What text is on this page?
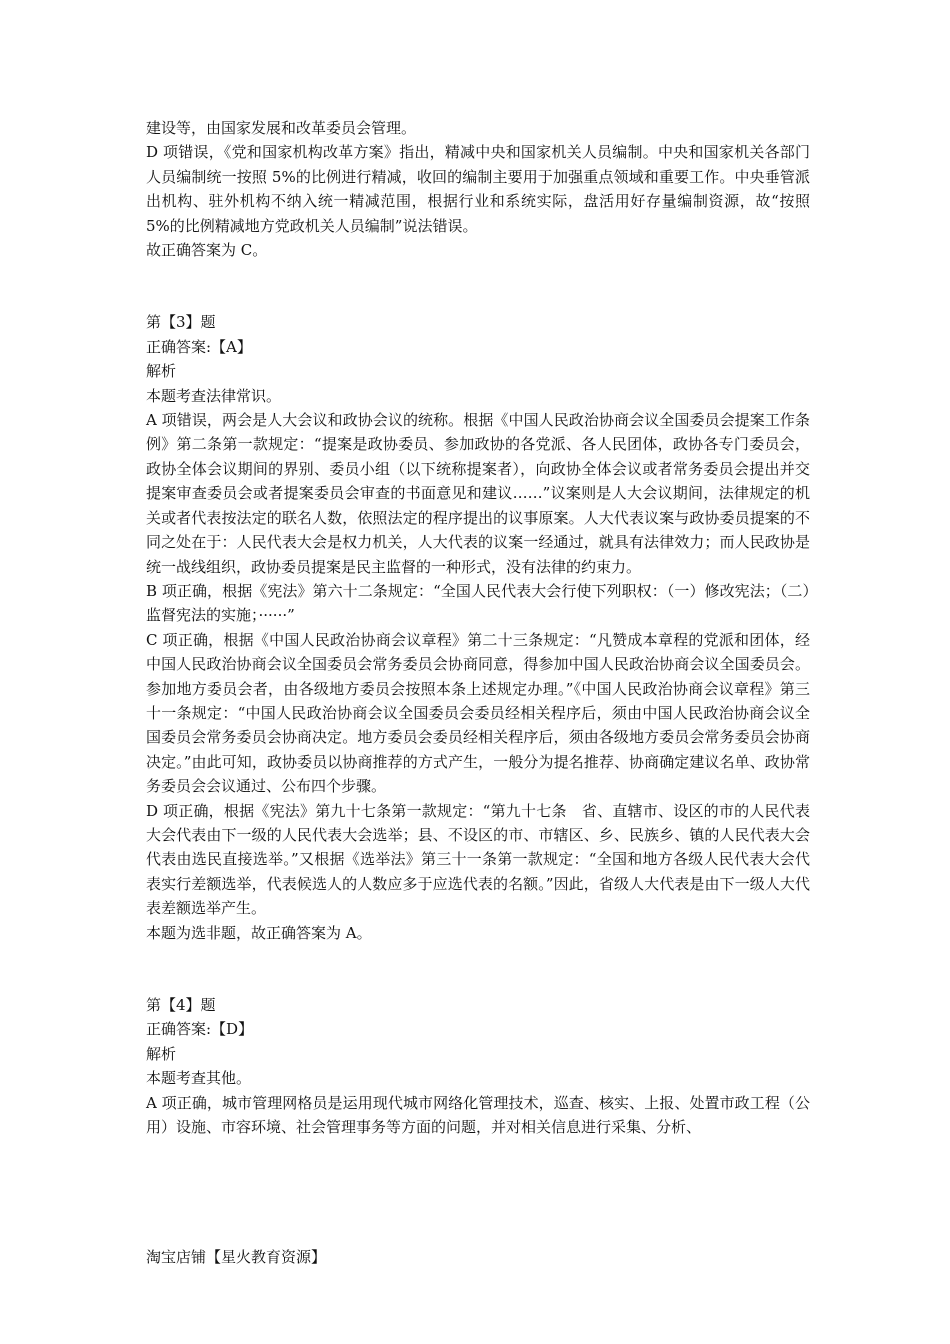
建设等，由国家发展和改革委员会管理。

D 项错误，《党和国家机构改革方案》指出，精减中央和国家机关人员编制。中央和国家机关各部门人员编制统一按照 5%的比例进行精减，收回的编制主要用于加强重点领域和重要工作。中央垂管派出机构、驻外机构不纳入统一精减范围，根据行业和系统实际，盘活用好存量编制资源，故“按照 5%的比例精减地方党政机关人员编制”说法错误。

故正确答案为 C。

第【3】题

正确答案:【A】

解析

本题考查法律常识。

A 项错误，两会是人大会议和政协会议的统称。根据《中国人民政治协商会议全国委员会提案工作条例》第二条第一款规定：“提案是政协委员、参加政协的各党派、各人民团体，政协各专门委员会，政协全体会议期间的界别、委员小组（以下统称提案者），向政协全体会议或者常务委员会提出并交提案审查委员会或者提案委员会审查的书面意见和建议……”议案则是人大会议期间，法律规定的机关或者代表按法定的联名人数，依照法定的程序提出的议事原案。人大代表议案与政协委员提案的不同之处在于：人民代表大会是权力机关，人大代表的议案一经通过，就具有法律效力；而人民政协是统一战线组织，政协委员提案是民主监督的一种形式，没有法律的约束力。

B 项正确，根据《宪法》第六十二条规定：“全国人民代表大会行使下列职权：（一）修改宪法；（二）监督宪法的实施；······”

C 项正确，根据《中国人民政治协商会议章程》第二十三条规定：“凡赞成本章程的党派和团体，经中国人民政治协商会议全国委员会常务委员会协商同意，得参加中国人民政治协商会议全国委员会。参加地方委员会者，由各级地方委员会按照本条上述规定办理。”《中国人民政治协商会议章程》第三十一条规定：“中国人民政治协商会议全国委员会委员经相关程序后，须由中国人民政治协商会议全国委员会常务委员会协商决定。地方委员会委员经相关程序后，须由各级地方委员会常务委员会协商决定。”由此可知，政协委员以协商推荐的方式产生，一般分为提名推荐、协商确定建议名单、政协常务委员会会议通过、公布四个步骤。

D 项正确，根据《宪法》第九十七条第一款规定：“第九十七条　省、直辖市、设区的市的人民代表大会代表由下一级的人民代表大会选举；县、不设区的市、市辖区、乡、民族乡、镇的人民代表大会代表由选民直接选举。”又根据《选举法》第三十一条第一款规定：“全国和地方各级人民代表大会代表实行差额选举，代表候选人的人数应多于应选代表的名额。”因此，省级人大代表是由下一级人大代表差额选举产生。

本题为选非题，故正确答案为 A。

第【4】题

正确答案:【D】

解析

本题考查其他。

A 项正确，城市管理网格员是运用现代城市网络化管理技术，巡查、核实、上报、处置市政工程（公用）设施、市容环境、社会管理事务等方面的问题，并对相关信息进行采集、分析、

淘宝店铺【星火教育资源】
